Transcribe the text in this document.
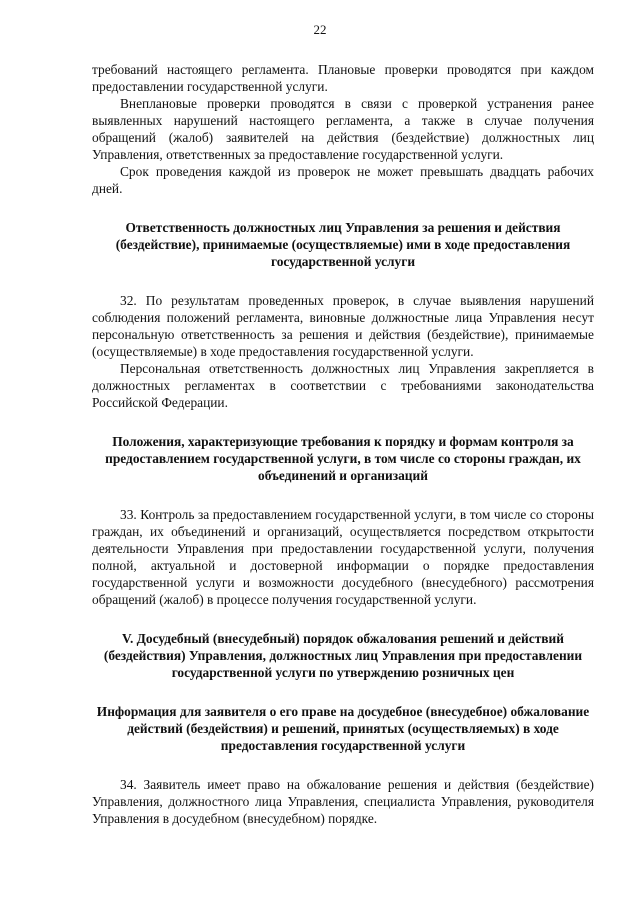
22

требований настоящего регламента. Плановые проверки проводятся при каждом предоставлении государственной услуги.

Внеплановые проверки проводятся в связи с проверкой устранения ранее выявленных нарушений настоящего регламента, а также в случае получения обращений (жалоб) заявителей на действия (бездействие) должностных лиц Управления, ответственных за предоставление государственной услуги.

Срок проведения каждой из проверок не может превышать двадцать рабочих дней.

Ответственность должностных лиц Управления за решения и действия (бездействие), принимаемые (осуществляемые) ими в ходе предоставления государственной услуги

32. По результатам проведенных проверок, в случае выявления нарушений соблюдения положений регламента, виновные должностные лица Управления несут персональную ответственность за решения и действия (бездействие), принимаемые (осуществляемые) в ходе предоставления государственной услуги.

Персональная ответственность должностных лиц Управления закрепляется в должностных регламентах в соответствии с требованиями законодательства Российской Федерации.

Положения, характеризующие требования к порядку и формам контроля за предоставлением государственной услуги, в том числе со стороны граждан, их объединений и организаций

33. Контроль за предоставлением государственной услуги, в том числе со стороны граждан, их объединений и организаций, осуществляется посредством открытости деятельности Управления при предоставлении государственной услуги, получения полной, актуальной и достоверной информации о порядке предоставления государственной услуги и возможности досудебного (внесудебного) рассмотрения обращений (жалоб) в процессе получения государственной услуги.

V. Досудебный (внесудебный) порядок обжалования решений и действий (бездействия) Управления, должностных лиц Управления при предоставлении государственной услуги по утверждению розничных цен

Информация для заявителя о его праве на досудебное (внесудебное) обжалование действий (бездействия) и решений, принятых (осуществляемых) в ходе предоставления государственной услуги

34. Заявитель имеет право на обжалование решения и действия (бездействие) Управления, должностного лица Управления, специалиста Управления, руководителя Управления в досудебном (внесудебном) порядке.
